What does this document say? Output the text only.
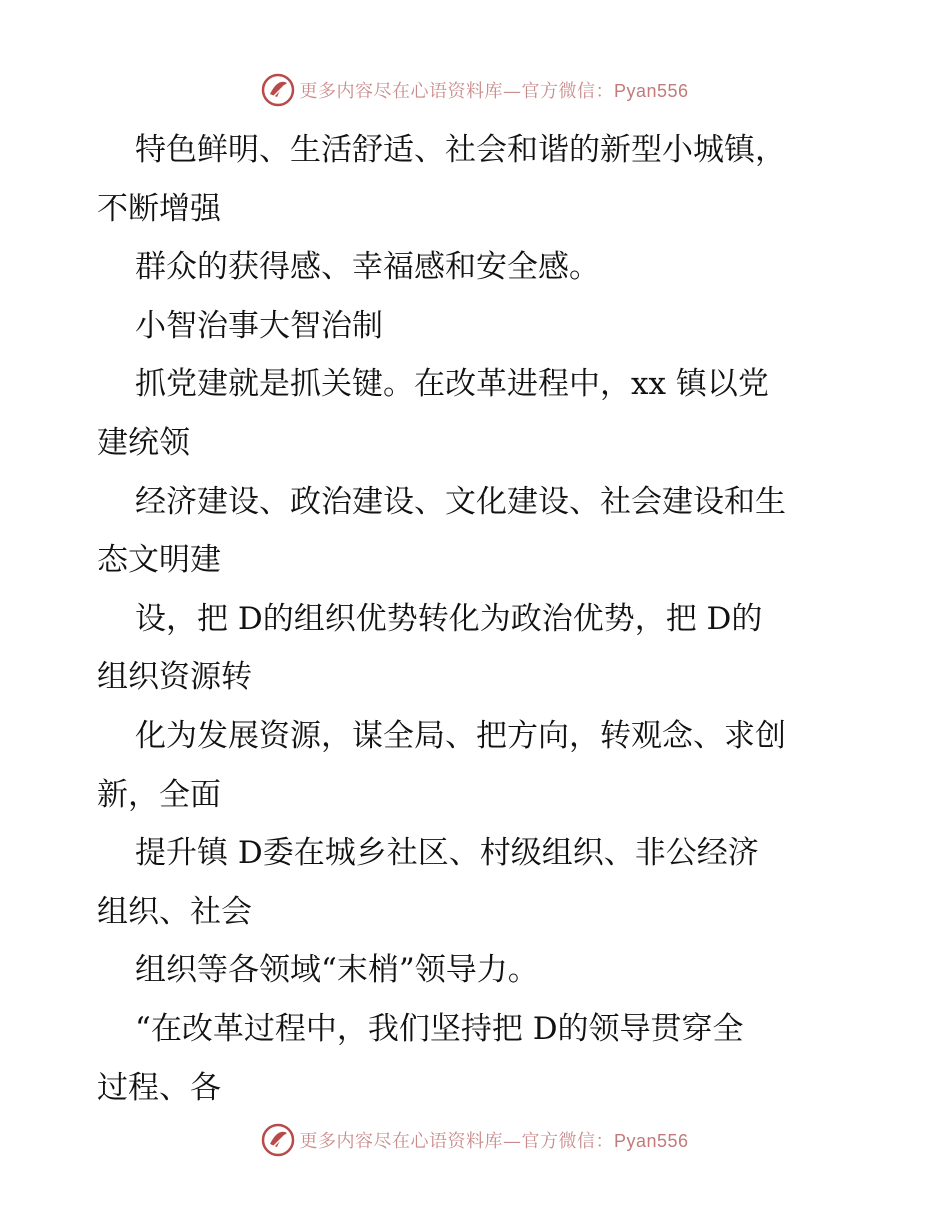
更多内容尽在心语资料库—官方微信：Pyan556
特色鲜明、生活舒适、社会和谐的新型小城镇，
不断增强
群众的获得感、幸福感和安全感。
小智治事大智治制
抓党建就是抓关键。在改革进程中，xx 镇以党
建统领
经济建设、政治建设、文化建设、社会建设和生
态文明建
设，把 D的组织优势转化为政治优势，把 D的
组织资源转
化为发展资源，谋全局、把方向，转观念、求创
新，全面
提升镇 D委在城乡社区、村级组织、非公经济
组织、社会
组织等各领域“末梢”领导力。
“在改革过程中，我们坚持把 D的领导贯穿全
过程、各
更多内容尽在心语资料库—官方微信：Pyan556
